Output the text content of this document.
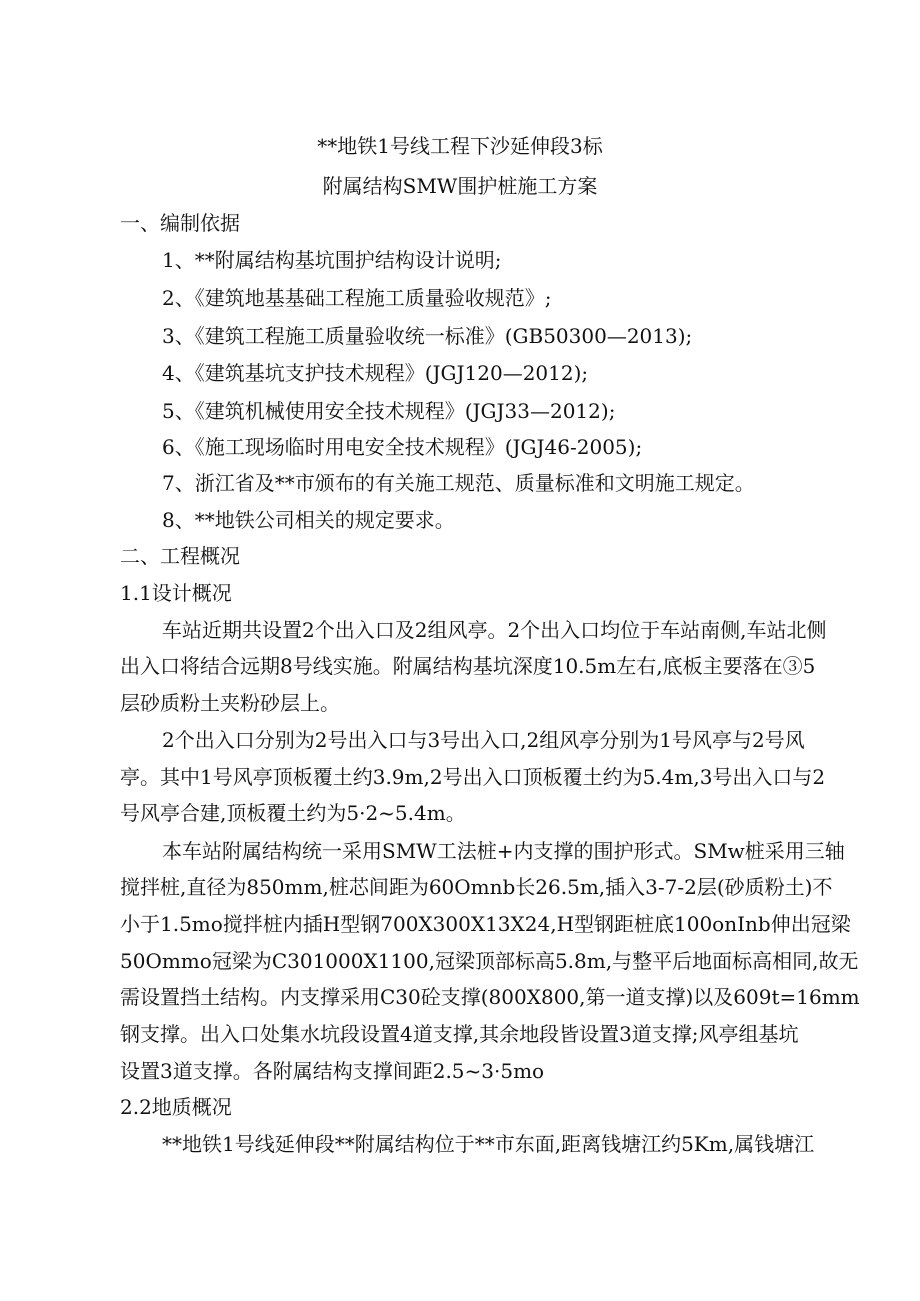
**地铁1号线工程下沙延伸段3标

附属结构SMW围护桩施工方案

一、编制依据

1、**附属结构基坑围护结构设计说明;

2、《建筑地基基础工程施工质量验收规范》;

3、《建筑工程施工质量验收统一标准》(GB50300—2013);

4、《建筑基坑支护技术规程》(JGJ120—2012);

5、《建筑机械使用安全技术规程》(JGJ33—2012);

6、《施工现场临时用电安全技术规程》(JGJ46-2005);

7、浙江省及**市颁布的有关施工规范、质量标准和文明施工规定。

8、**地铁公司相关的规定要求。

二、工程概况

1.1设计概况

车站近期共设置2个出入口及2组风亭。2个出入口均位于车站南侧,车站北侧

出入口将结合远期8号线实施。附属结构基坑深度10.5m左右,底板主要落在③5

层砂质粉土夹粉砂层上。

2个出入口分别为2号出入口与3号出入口,2组风亭分别为1号风亭与2号风

亭。其中1号风亭顶板覆土约3.9m,2号出入口顶板覆土约为5.4m,3号出入口与2

号风亭合建,顶板覆土约为5·2~5.4m。

本车站附属结构统一采用SMW工法桩+内支撑的围护形式。SMw桩采用三轴

搅拌桩,直径为850mm,桩芯间距为60Omnb长26.5m,插入3-7-2层(砂质粉土)不

小于1.5mo搅拌桩内插H型钢700X300X13X24,H型钢距桩底100onInb伸出冠梁

50Ommo冠梁为C301000X1100,冠梁顶部标高5.8m,与整平后地面标高相同,故无

需设置挡土结构。内支撑采用C30砼支撑(800X800,第一道支撑)以及609t=16mm

钢支撑。出入口处集水坑段设置4道支撑,其余地段皆设置3道支撑;风亭组基坑

设置3道支撑。各附属结构支撑间距2.5~3·5mo

2.2地质概况

**地铁1号线延伸段**附属结构位于**市东面,距离钱塘江约5Km,属钱塘江
